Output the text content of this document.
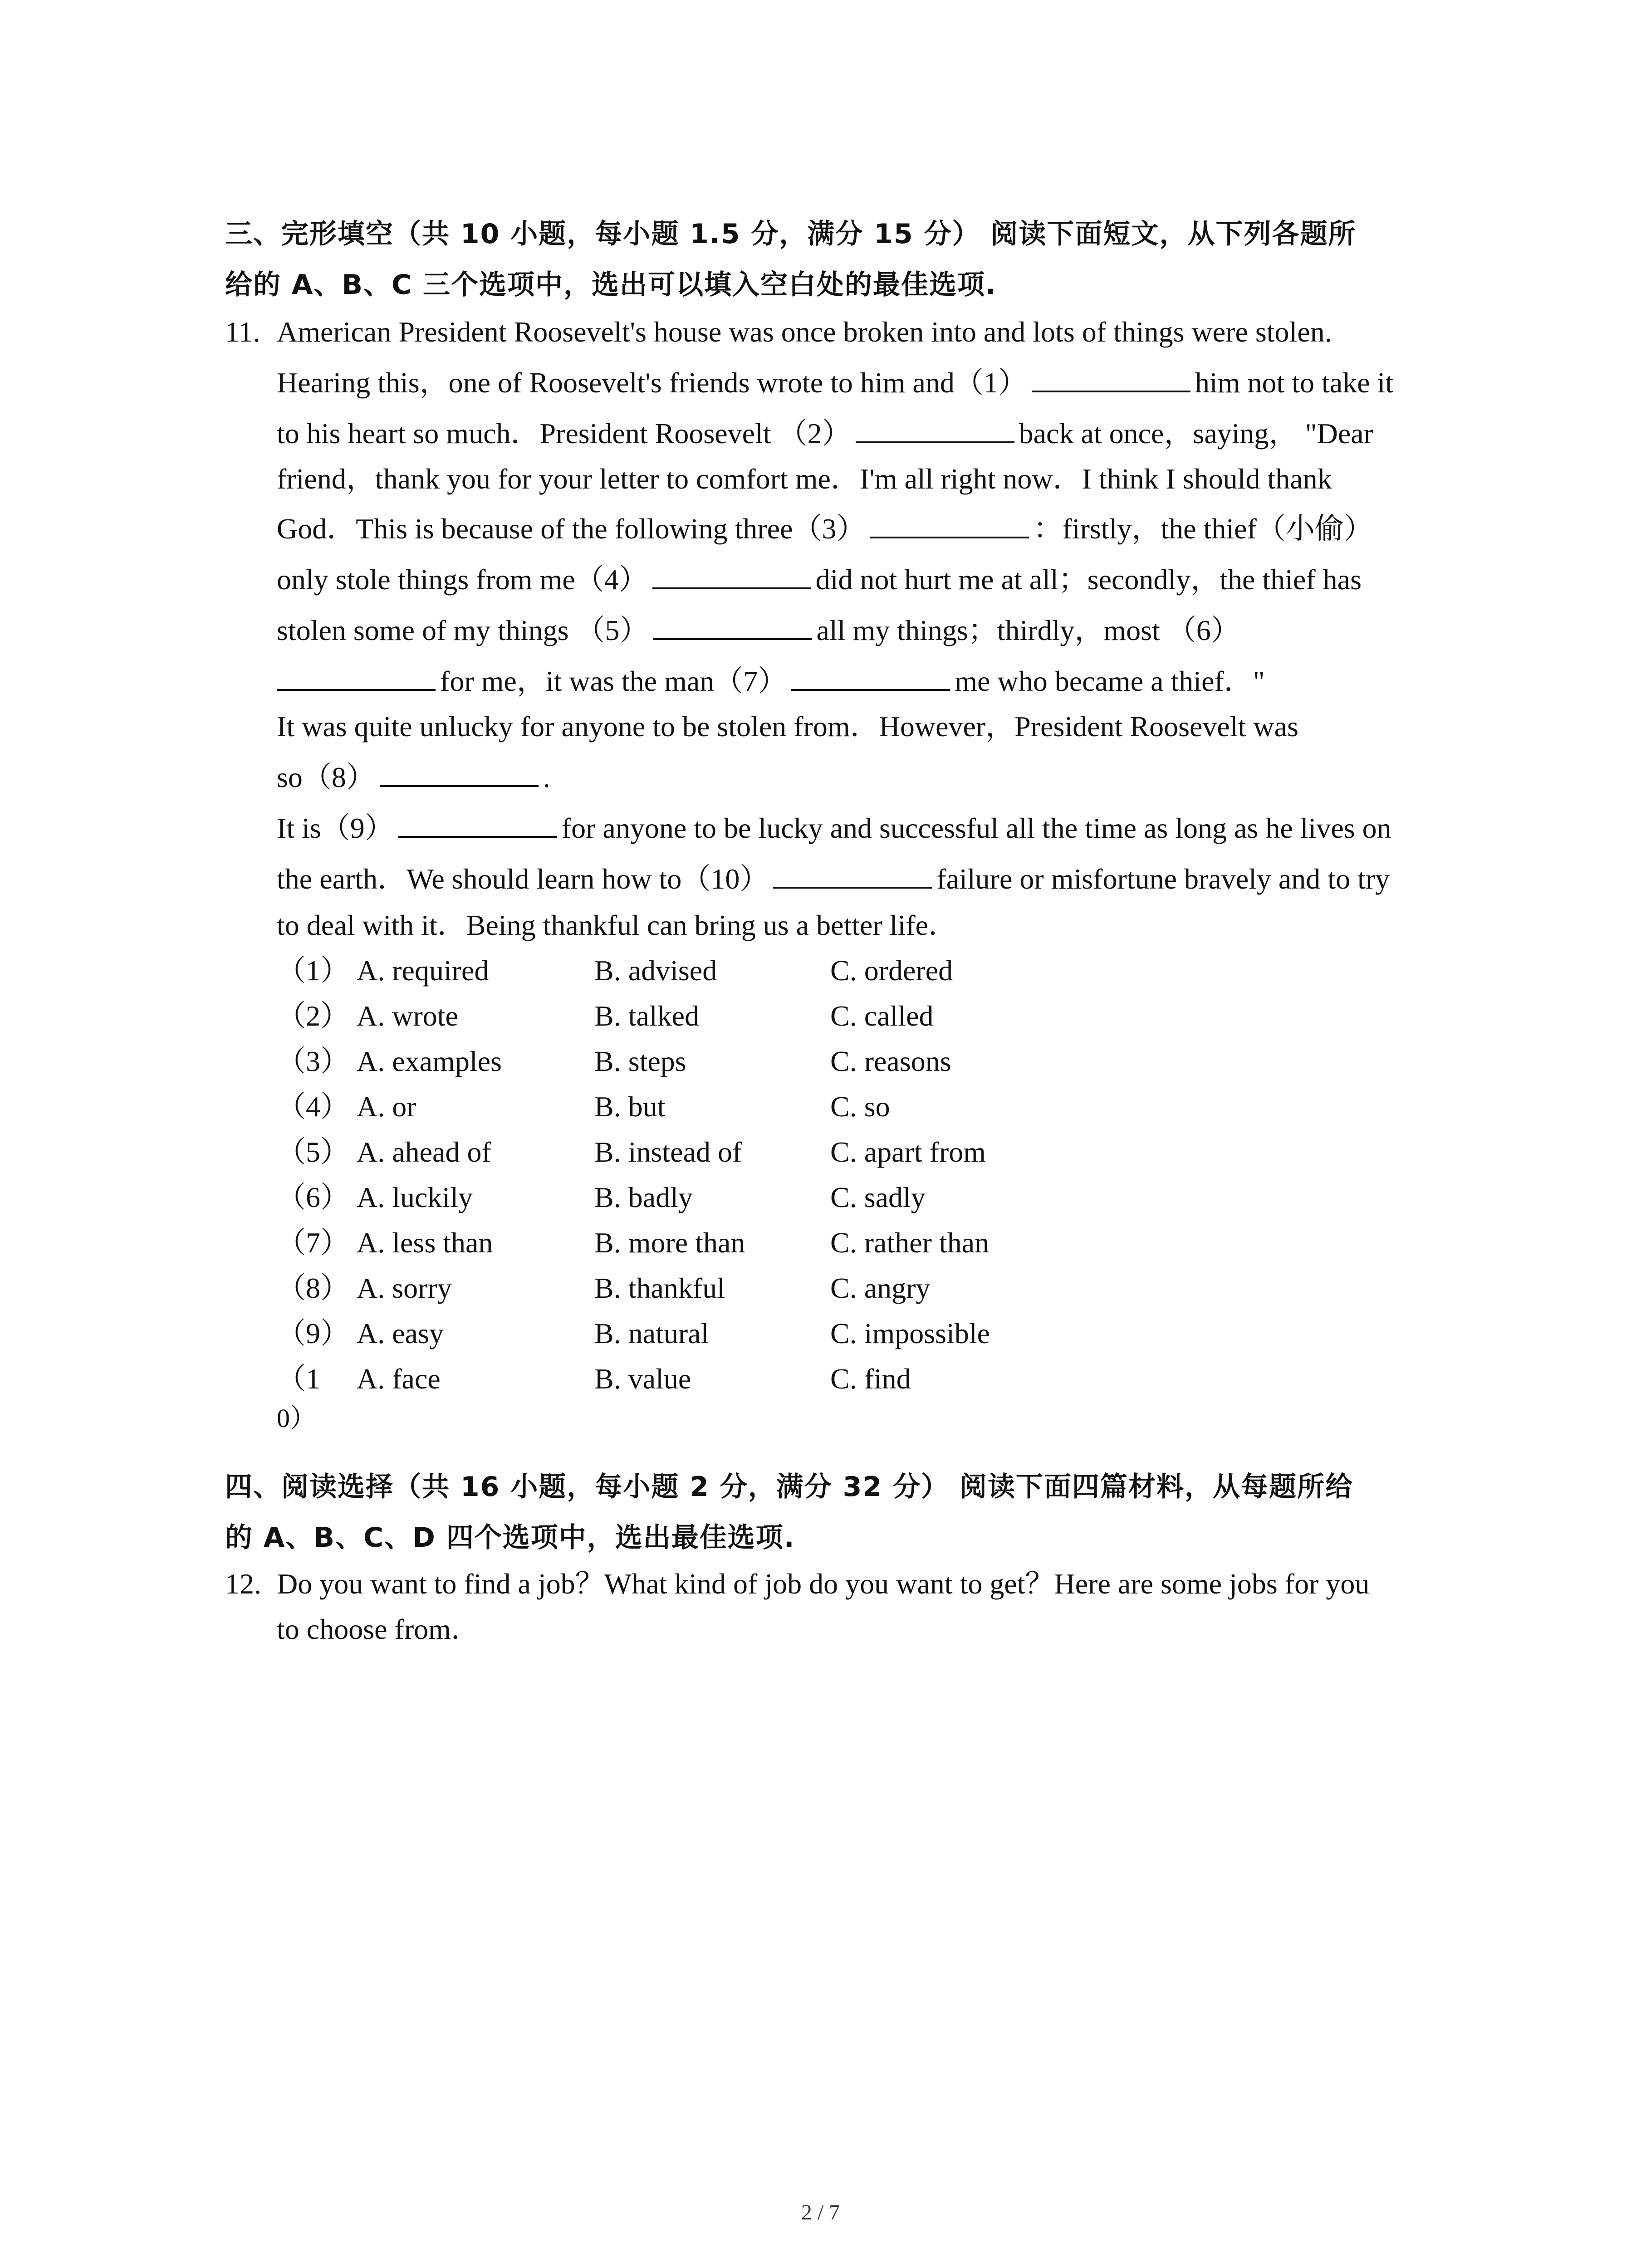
三、完形填空（共 10 小题，每小题 1.5 分，满分 15 分） 阅读下面短文，从下列各题所
给的 A、B、C 三个选项中，选出可以填入空白处的最佳选项.
11. American President Roosevelt's house was once broken into and lots of things were stolen.
Hearing this，one of Roosevelt's friends wrote to him and（1）	him not to take it
to his heart so much．President Roosevelt （2）	back at once，saying， "Dear
friend，thank you for your letter to comfort me．I'm all right now．I think I should thank
God．This is because of the following three（3）	：firstly，the thief（小偷）
only stole things from me（4）	did not hurt me at all；secondly，the thief has
stolen some of my things （5）	all my things；thirdly，most （6）
for me，it was the man（7）	me who became a thief．"
It was quite unlucky for anyone to be stolen from．However，President Roosevelt was
so（8）	.
It is（9）	for anyone to be lucky and successful all the time as long as he lives on
the earth．We should learn how to（10）	failure or misfortune bravely and to try
to deal with it．Being thankful can bring us a better life．
（1） A. required	B. advised	C. ordered
（2） A. wrote	B. talked	C. called
（3） A. examples	B. steps	C. reasons
（4） A. or	B. but	C. so
（5） A. ahead of	B. instead of	C. apart from
（6） A. luckily	B. badly	C. sadly
（7） A. less than	B. more than	C. rather than
（8） A. sorry	B. thankful	C. angry
（9） A. easy	B. natural	C. impossible
（1	A. face	B. value	C. find
0）
四、阅读选择（共 16 小题，每小题 2 分，满分 32 分） 阅读下面四篇材料，从每题所给
的 A、B、C、D 四个选项中，选出最佳选项.
12. Do you want to find a job？What kind of job do you want to get？Here are some jobs for you
to choose from．
2 / 7
